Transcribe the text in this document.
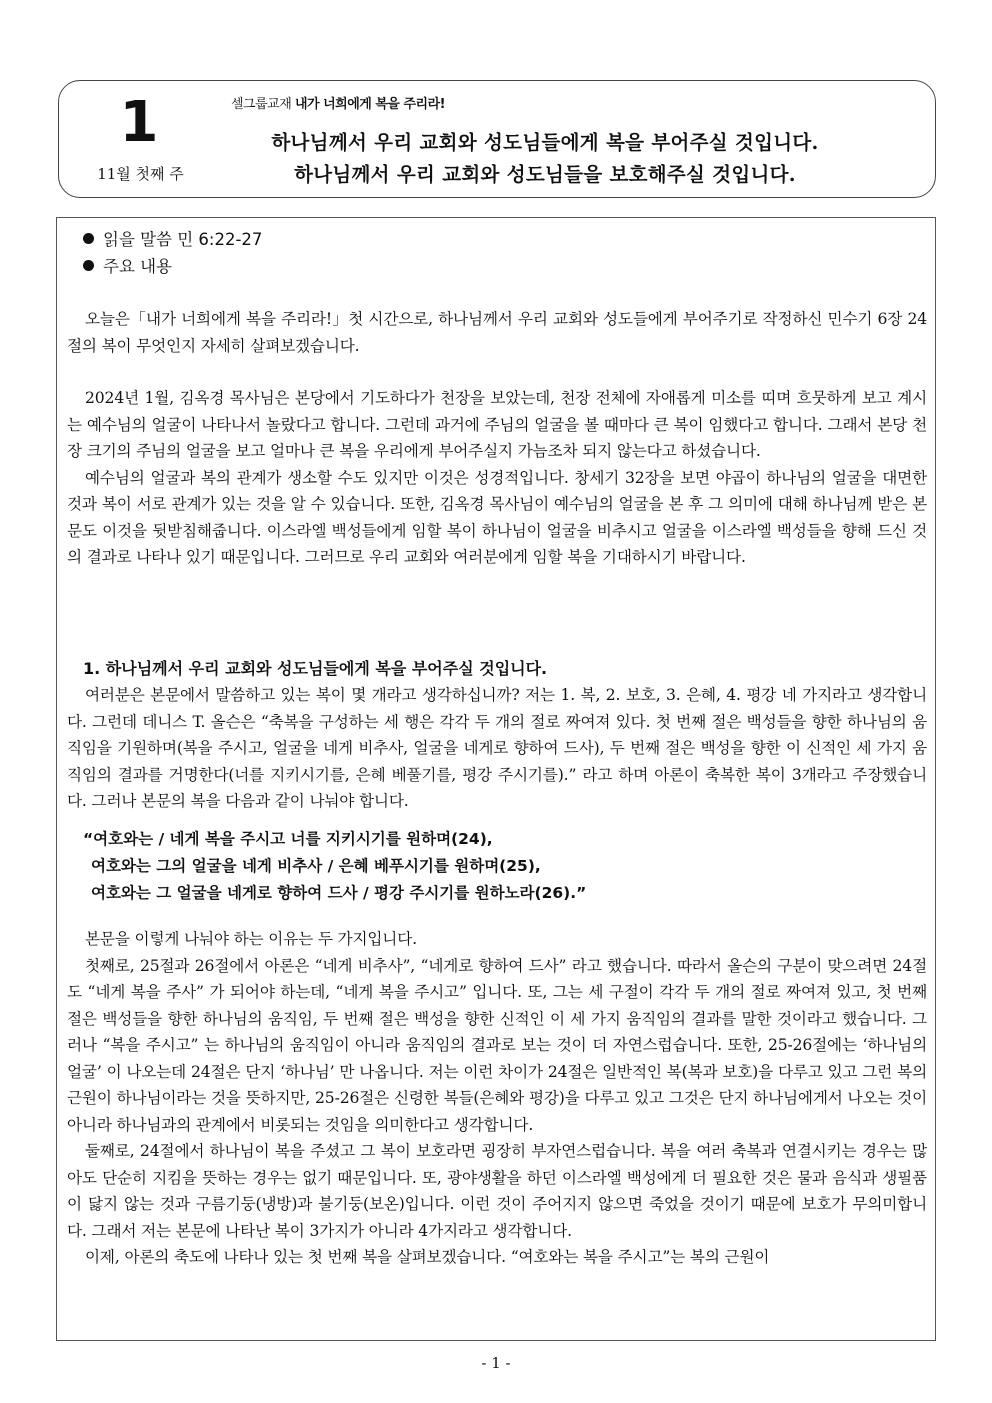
1
11월 첫째 주
셀그룹교재 내가 너희에게 복을 주리라!
하나님께서 우리 교회와 성도님들에게 복을 부어주실 것입니다.
하나님께서 우리 교회와 성도님들을 보호해주실 것입니다.
읽을 말씀 민 6:22-27
주요 내용

오늘은「내가 너희에게 복을 주리라!」첫 시간으로, 하나님께서 우리 교회와 성도들에게 부어주기로 작정하신 민수기 6장 24절의 복이 무엇인지 자세히 살펴보겠습니다.

2024년 1월, 김옥경 목사님은 본당에서 기도하다가 천장을 보았는데, 천장 전체에 자애롭게 미소를 띠며 흐뭇하게 보고 계시는 예수님의 얼굴이 나타나서 놀랐다고 합니다. 그런데 과거에 주님의 얼굴을 볼 때마다 큰 복이 임했다고 합니다. 그래서 본당 천장 크기의 주님의 얼굴을 보고 얼마나 큰 복을 우리에게 부어주실지 가늠조차 되지 않는다고 하셨습니다.

예수님의 얼굴과 복의 관계가 생소할 수도 있지만 이것은 성경적입니다. 창세기 32장을 보면 야곱이 하나님의 얼굴을 대면한 것과 복이 서로 관계가 있는 것을 알 수 있습니다. 또한, 김옥경 목사님이 예수님의 얼굴을 본 후 그 의미에 대해 하나님께 받은 본문도 이것을 뒷받침해줍니다. 이스라엘 백성들에게 임할 복이 하나님이 얼굴을 비추시고 얼굴을 이스라엘 백성들을 향해 드신 것의 결과로 나타나 있기 때문입니다. 그러므로 우리 교회와 여러분에게 임할 복을 기대하시기 바랍니다.

1. 하나님께서 우리 교회와 성도님들에게 복을 부어주실 것입니다.

여러분은 본문에서 말씀하고 있는 복이 몇 개라고 생각하십니까? 저는 1. 복, 2. 보호, 3. 은혜, 4. 평강 네 가지라고 생각합니다. 그런데 데니스 T. 올슨은 “축복을 구성하는 세 행은 각각 두 개의 절로 짜여져 있다. 첫 번째 절은 백성들을 향한 하나님의 움직임을 기원하며(복을 주시고, 얼굴을 네게 비추사, 얼굴을 네게로 향하여 드사), 두 번째 절은 백성을 향한 이 신적인 세 가지 움직임의 결과를 거명한다(너를 지키시기를, 은혜 베풀기를, 평강 주시기를).” 라고 하며 아론이 축복한 복이 3개라고 주장했습니다. 그러나 본문의 복을 다음과 같이 나눠야 합니다.

“여호와는 / 네게 복을 주시고 너를 지키시기를 원하며(24),
여호와는 그의 얼굴을 네게 비추사 / 은혜 베푸시기를 원하며(25),
여호와는 그 얼굴을 네게로 향하여 드사 / 평강 주시기를 원하노라(26).”

본문을 이렇게 나눠야 하는 이유는 두 가지입니다.

첫째로, 25절과 26절에서 아론은 “네게 비추사”, “네게로 향하여 드사” 라고 했습니다. 따라서 올슨의 구분이 맞으려면 24절도 “네게 복을 주사” 가 되어야 하는데, “네게 복을 주시고” 입니다. 또, 그는 세 구절이 각각 두 개의 절로 짜여져 있고, 첫 번째 절은 백성들을 향한 하나님의 움직임, 두 번째 절은 백성을 향한 신적인 이 세 가지 움직임의 결과를 말한 것이라고 했습니다. 그러나 “복을 주시고” 는 하나님의 움직임이 아니라 움직임의 결과로 보는 것이 더 자연스럽습니다. 또한, 25-26절에는 ‘하나님의 얼굴’ 이 나오는데 24절은 단지 ‘하나님’ 만 나옵니다. 저는 이런 차이가 24절은 일반적인 복(복과 보호)을 다루고 있고 그런 복의 근원이 하나님이라는 것을 뜻하지만, 25-26절은 신령한 복들(은혜와 평강)을 다루고 있고 그것은 단지 하나님에게서 나오는 것이 아니라 하나님과의 관계에서 비롯되는 것임을 의미한다고 생각합니다.

둘째로, 24절에서 하나님이 복을 주셨고 그 복이 보호라면 굉장히 부자연스럽습니다. 복을 여러 축복과 연결시키는 경우는 많아도 단순히 지킴을 뜻하는 경우는 없기 때문입니다. 또, 광야생활을 하던 이스라엘 백성에게 더 필요한 것은 물과 음식과 생필품이 닳지 않는 것과 구름기둥(냉방)과 불기둥(보온)입니다. 이런 것이 주어지지 않으면 죽었을 것이기 때문에 보호가 무의미합니다. 그래서 저는 본문에 나타난 복이 3가지가 아니라 4가지라고 생각합니다.

이제, 아론의 축도에 나타나 있는 첫 번째 복을 살펴보겠습니다. “여호와는 복을 주시고”는 복의 근원이

- 1 -
